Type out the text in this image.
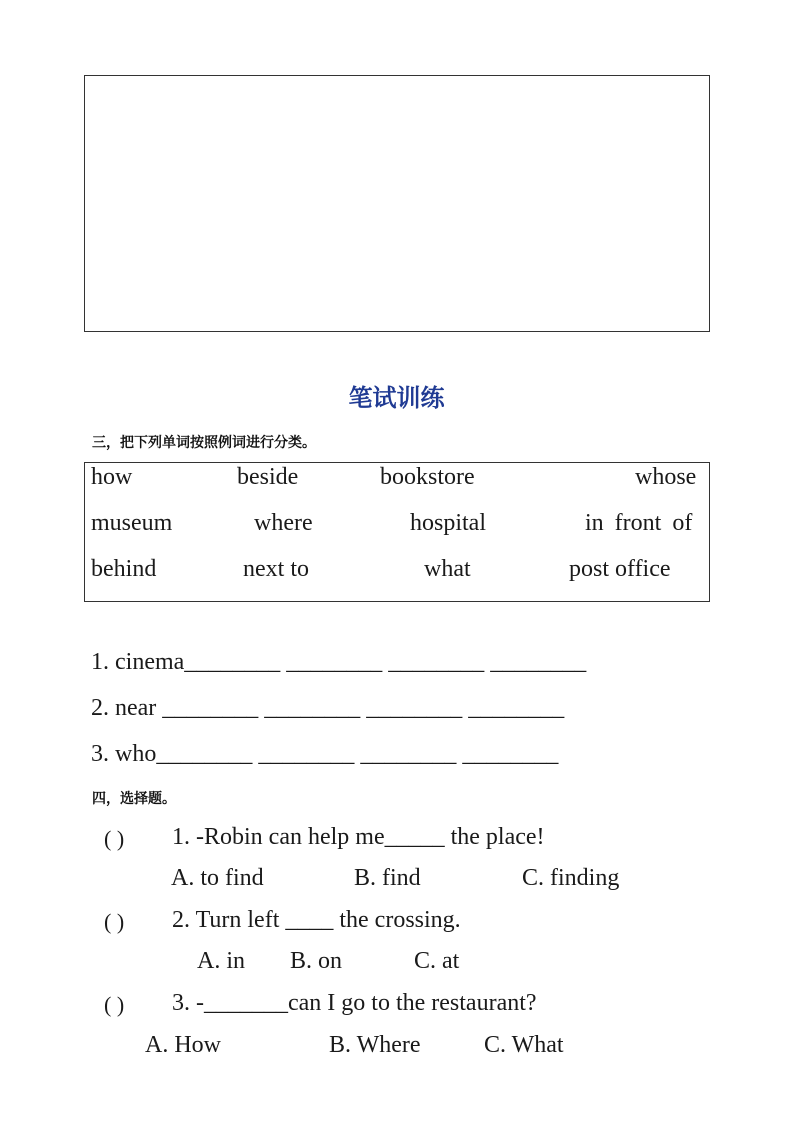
笔试训练
三，把下列单词按照例词进行分类。
how	beside	bookstore	whose
museum	where	hospital	in front of
behind	next to	what	post office
1. cinema________ ________ ________ ________
2. near ________ ________ ________ ________
3. who________ ________ ________ ________
四，选择题。
( ) 1. -Robin can help me_____ the place!
A. to find	B. find	C. finding
( ) 2. Turn left ____ the crossing.
A. in B. on	C. at
( ) 3. -_______can I go to the restaurant?
A. How	B. Where	C. What
